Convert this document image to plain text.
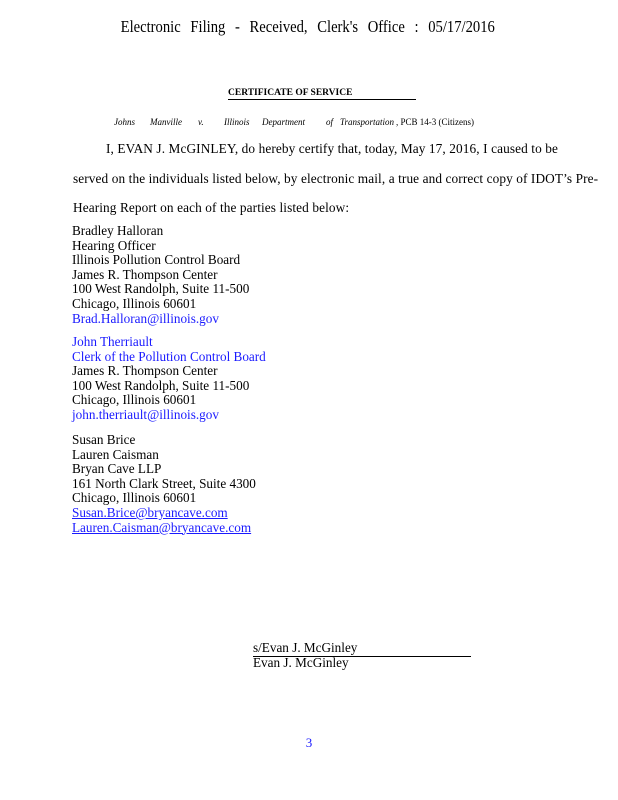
Electronic Filing - Received, Clerk's Office : 05/17/2016
CERTIFICATE OF SERVICE
Johns Manville v. Illinois Department of Transportation , PCB 14-3 (Citizens)
I, EVAN J. McGINLEY, do hereby certify that, today, May 17, 2016, I caused to be
served on the individuals listed below, by electronic mail, a true and correct copy of IDOT’s Pre-
Hearing Report on each of the parties listed below:
Bradley Halloran
Hearing Officer
Illinois Pollution Control Board
James R. Thompson Center
100 West Randolph, Suite 11-500
Chicago, Illinois 60601
Brad.Halloran@illinois.gov
John Therriault
Clerk of the Pollution Control Board
James R. Thompson Center
100 West Randolph, Suite 11-500
Chicago, Illinois 60601
john.therriault@illinois.gov
Susan Brice
Lauren Caisman
Bryan Cave LLP
161 North Clark Street, Suite 4300
Chicago, Illinois 60601
Susan.Brice@bryancave.com
Lauren.Caisman@bryancave.com
s/Evan J. McGinley
Evan J. McGinley
3
